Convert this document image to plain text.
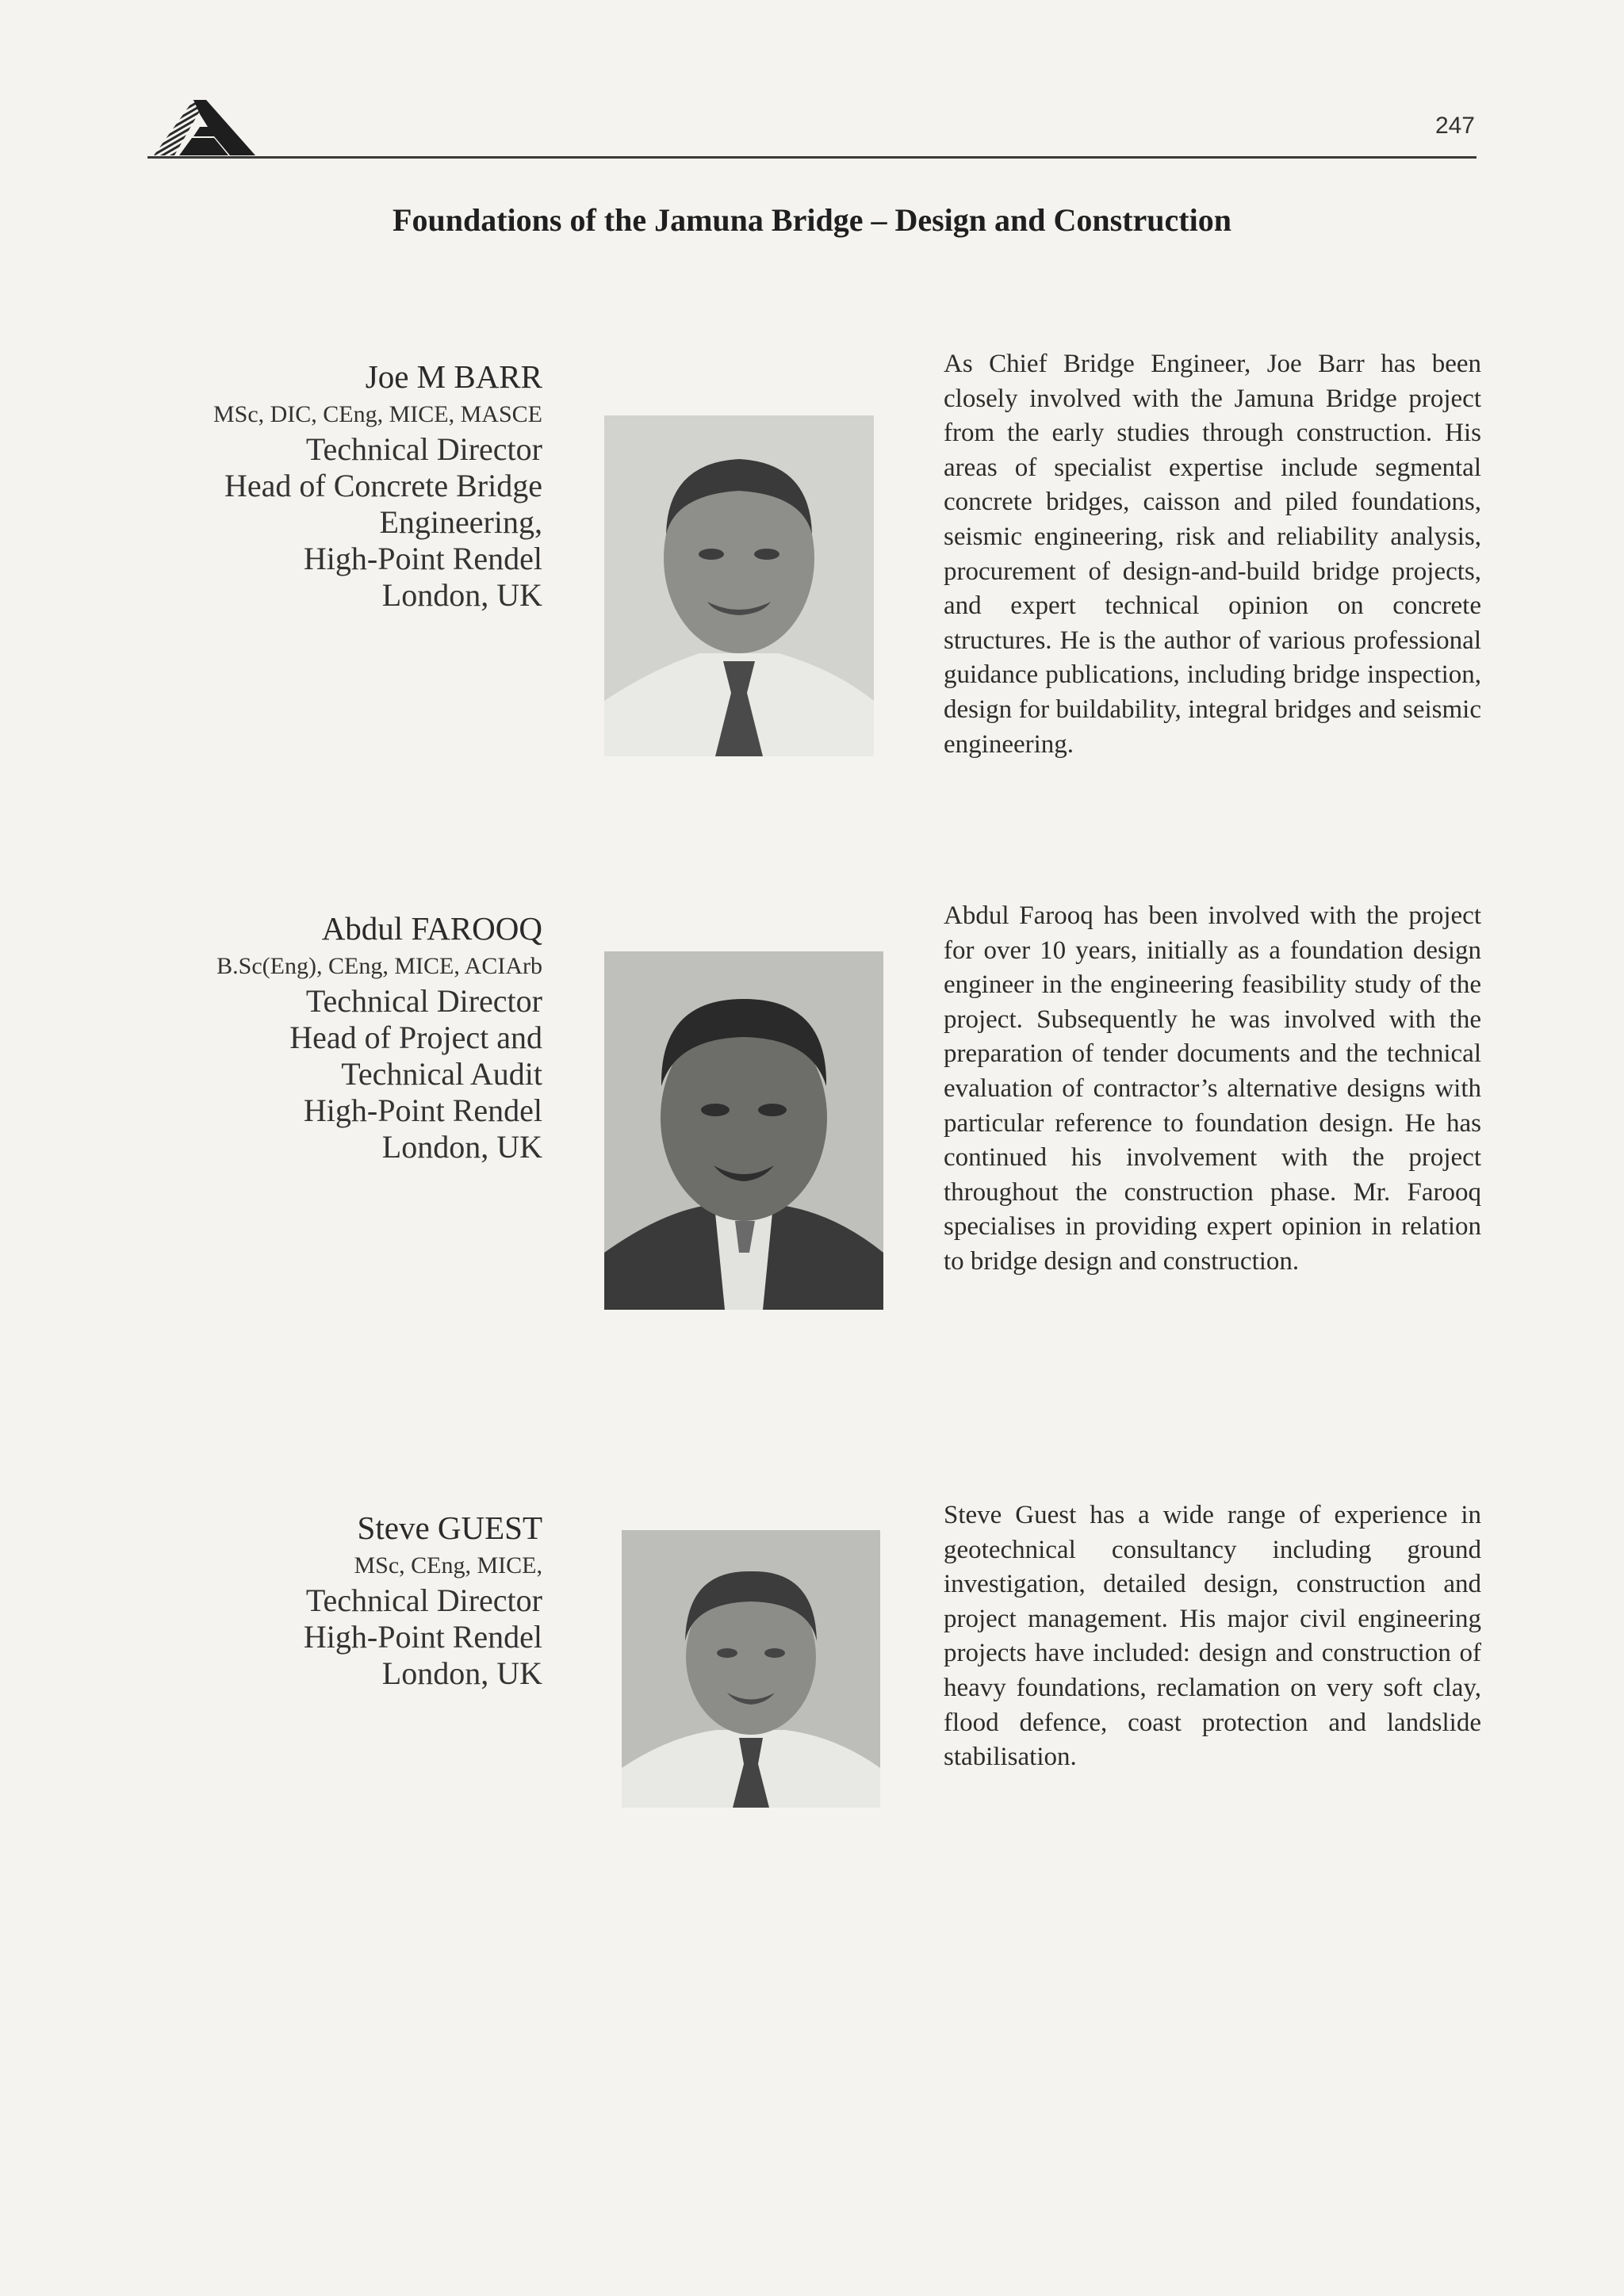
247
Foundations of the Jamuna Bridge – Design and Construction
Joe M BARR
MSc, DIC, CEng, MICE, MASCE
Technical Director
Head of Concrete Bridge
Engineering,
High-Point Rendel
London, UK
As Chief Bridge Engineer, Joe Barr has been closely involved with the Jamuna Bridge project from the early studies through construction. His areas of specialist expertise include segmental concrete bridges, caisson and piled foundations, seismic engineering, risk and reliability analysis, procurement of design-and-build bridge projects, and expert technical opinion on concrete structures. He is the author of various professional guidance publications, including bridge inspection, design for buildability, integral bridges and seismic engineering.
Abdul FAROOQ
B.Sc(Eng), CEng, MICE, ACIArb
Technical Director
Head of Project and
Technical Audit
High-Point Rendel
London, UK
Abdul Farooq has been involved with the project for over 10 years, initially as a foundation design engineer in the engineering feasibility study of the project. Subsequently he was involved with the preparation of tender documents and the technical evaluation of contractor’s alternative designs with particular reference to foundation design. He has continued his involvement with the project throughout the construction phase. Mr. Farooq specialises in providing expert opinion in relation to bridge design and construction.
Steve GUEST
MSc, CEng, MICE,
Technical Director
High-Point Rendel
London, UK
Steve Guest has a wide range of experience in geotechnical consultancy including ground investigation, detailed design, construction and project management. His major civil engineering projects have included: design and construction of heavy foundations, reclamation on very soft clay, flood defence, coast protection and landslide stabilisation.
